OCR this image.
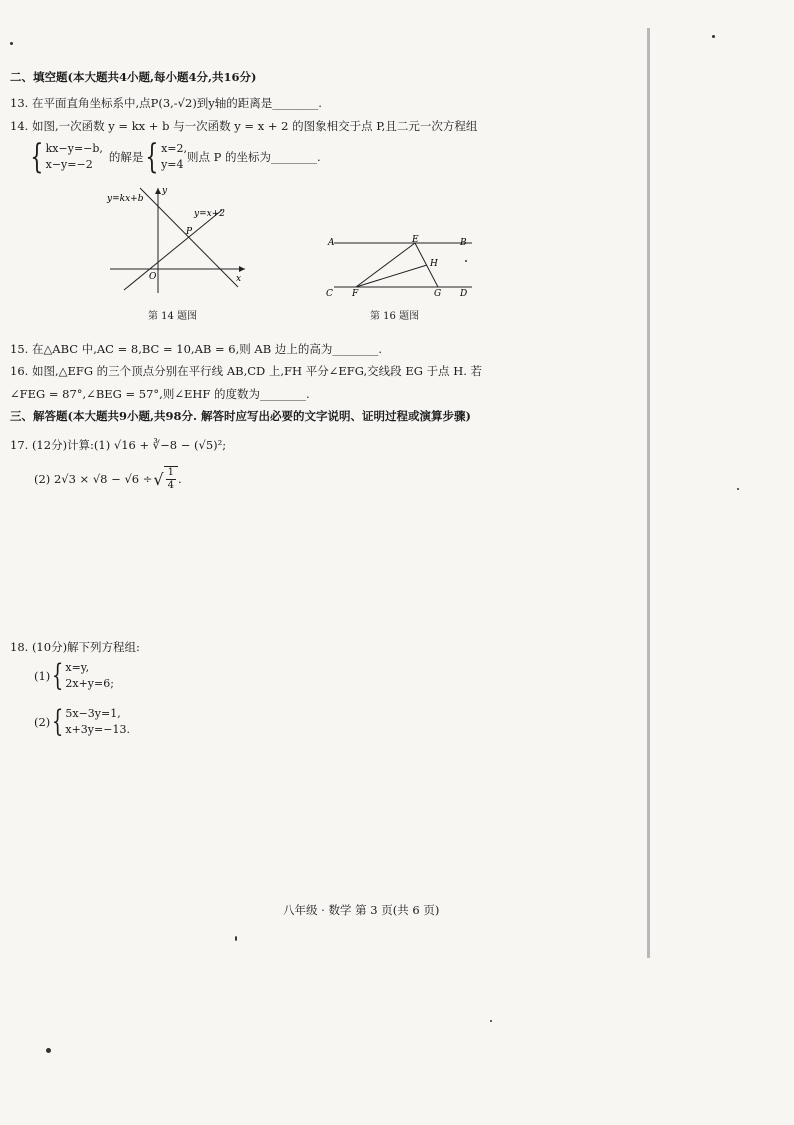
二、填空题(本大题共4小题,每小题4分,共16分)
13. 在平面直角坐标系中,点P(3,-√2)到y轴的距离是________.
14. 如图,一次函数 y = kx + b 与一次函数 y = x + 2 的图象相交于点 P,且二元一次方程组
{ kx−y=−b,
x−y=−2
的解是 { x=2,
y=4
则点 P 的坐标为________.
y=kx+b
y=x+2
y
x
O
P
第 14 题图
A	E	B
H
C F	G D
第 16 题图
15. 在△ABC 中,AC = 8,BC = 10,AB = 6,则 AB 边上的高为________.
16. 如图,△EFG 的三个顶点分别在平行线 AB,CD 上,FH 平分∠EFG,交线段 EG 于点 H. 若
∠FEG = 87°,∠BEG = 57°,则∠EHF 的度数为________.
三、解答题(本大题共9小题,共98分. 解答时应写出必要的文字说明、证明过程或演算步骤)
17. (12分)计算:(1) √16 + ∛−8 − (√5)²;
(2) 2√3 × √8 − √6 ÷ √ $\frac{1}{4}$ .
18. (10分)解下列方程组:
(1) { x=y,
2x+y=6;
(2) { 5x−3y=1,
x+3y=−13.
八年级 · 数学 第 3 页(共 6 页)
